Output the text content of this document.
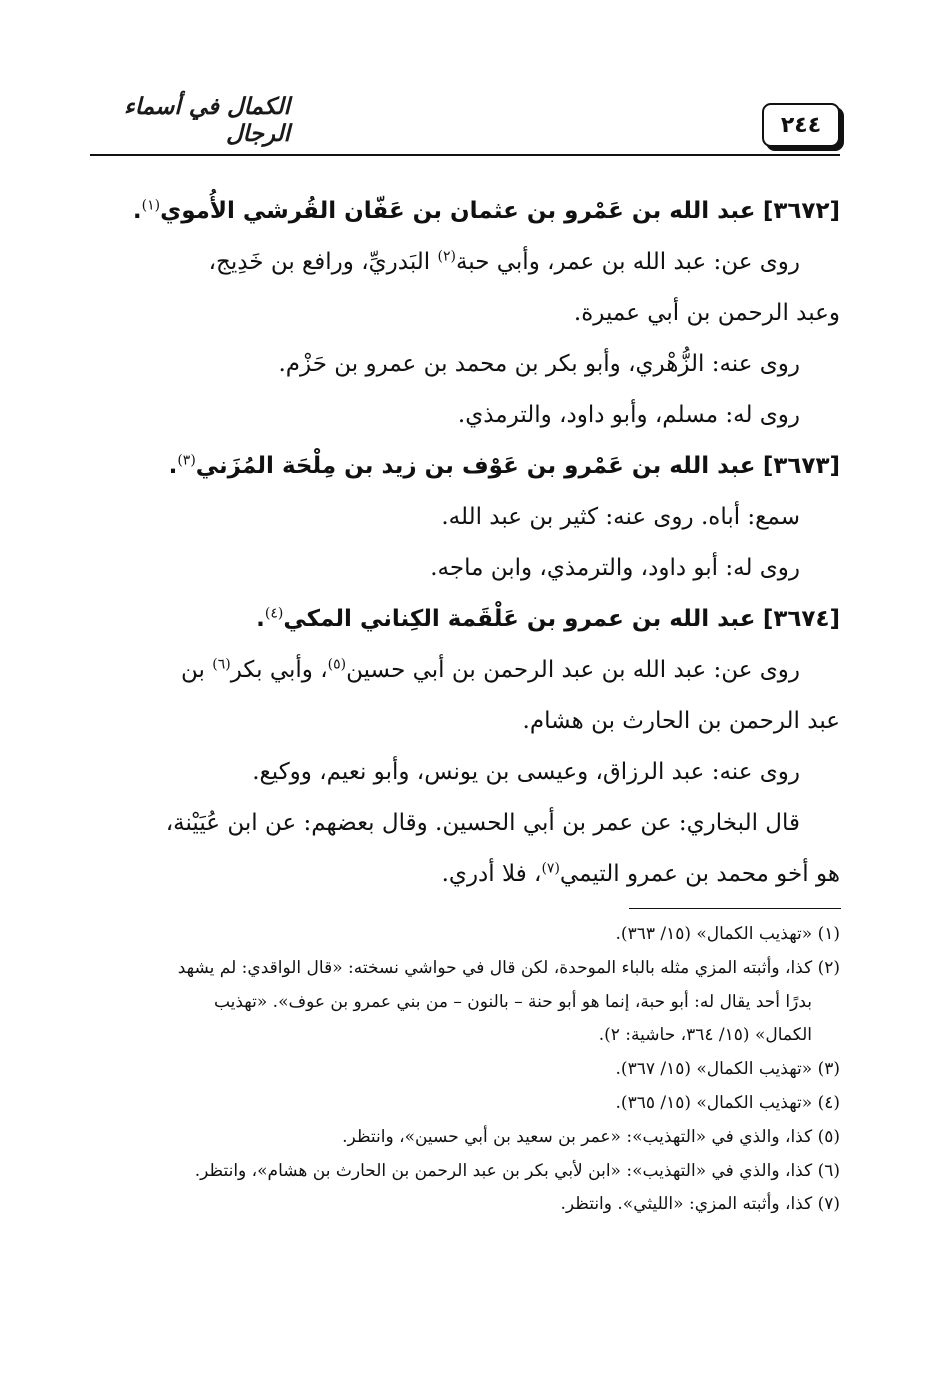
٢٤٤
الكمال في أسماء الرجال
[٣٦٧٢] عبد الله بن عَمْرو بن عثمان بن عَفّان القُرشي الأُموي$^{(١)}$.
روى عن: عبد الله بن عمر، وأبي حبة$^{(٢)}$ البَدريِّ، ورافع بن خَدِيج،
وعبد الرحمن بن أبي عميرة.
روى عنه: الزُّهْري، وأبو بكر بن محمد بن عمرو بن حَزْم.
روى له: مسلم، وأبو داود، والترمذي.
[٣٦٧٣] عبد الله بن عَمْرو بن عَوْف بن زيد بن مِلْحَة المُزَني$^{(٣)}$.
سمع: أباه. روى عنه: كثير بن عبد الله.
روى له: أبو داود، والترمذي، وابن ماجه.
[٣٦٧٤] عبد الله بن عمرو بن عَلْقَمة الكِناني المكي$^{(٤)}$.
روى عن: عبد الله بن عبد الرحمن بن أبي حسين$^{(٥)}$، وأبي بكر$^{(٦)}$ بن
عبد الرحمن بن الحارث بن هشام.
روى عنه: عبد الرزاق، وعيسى بن يونس، وأبو نعيم، ووكيع.
قال البخاري: عن عمر بن أبي الحسين. وقال بعضهم: عن ابن عُيَيْنة،
هو أخو محمد بن عمرو التيمي$^{(٧)}$، فلا أدري.
(١) «تهذيب الكمال» (١٥/ ٣٦٣).
(٢) كذا، وأثبته المزي مثله بالباء الموحدة، لكن قال في حواشي نسخته: «قال الواقدي: لم يشهد
بدرًا أحد يقال له: أبو حبة، إنما هو أبو حنة – بالنون – من بني عمرو بن عوف». «تهذيب
الكمال» (١٥/ ٣٦٤، حاشية: ٢).
(٣) «تهذيب الكمال» (١٥/ ٣٦٧).
(٤) «تهذيب الكمال» (١٥/ ٣٦٥).
(٥) كذا، والذي في «التهذيب»: «عمر بن سعيد بن أبي حسين»، وانتظر.
(٦) كذا، والذي في «التهذيب»: «ابن لأبي بكر بن عبد الرحمن بن الحارث بن هشام»، وانتظر.
(٧) كذا، وأثبته المزي: «الليثي». وانتظر.
